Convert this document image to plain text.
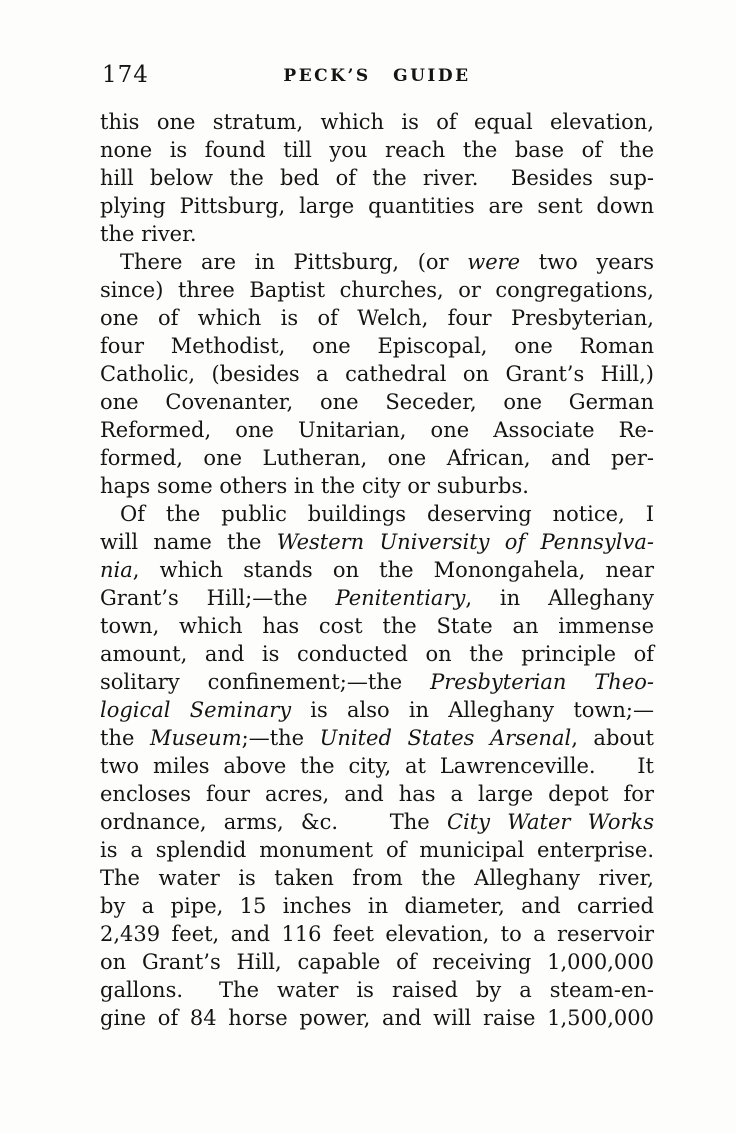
174	PECK’S GUIDE
this one stratum, which is of equal elevation,
none is found till you reach the base of the
hill below the bed of the river.  Besides sup-
plying Pittsburg, large quantities are sent down
the river.
There are in Pittsburg, (or were two years
since) three Baptist churches, or congregations,
one of which is of Welch, four Presbyterian,
four Methodist, one Episcopal, one Roman
Catholic, (besides a cathedral on Grant’s Hill,)
one Covenanter, one Seceder, one German
Reformed, one Unitarian, one Associate Re-
formed, one Lutheran, one African, and per-
haps some others in the city or suburbs.
Of the public buildings deserving notice, I
will name the Western University of Pennsylva-
nia, which stands on the Monongahela, near
Grant’s Hill;—the Penitentiary, in Alleghany
town, which has cost the State an immense
amount, and is conducted on the principle of
solitary confinement;—the Presbyterian Theo-
logical Seminary is also in Alleghany town;—
the Museum;—the United States Arsenal, about
two miles above the city, at Lawrenceville.   It
encloses four acres, and has a large depot for
ordnance, arms, &c.   The City Water Works
is a splendid monument of municipal enterprise.
The water is taken from the Alleghany river,
by a pipe, 15 inches in diameter, and carried
2,439 feet, and 116 feet elevation, to a reservoir
on Grant’s Hill, capable of receiving 1,000,000
gallons.  The water is raised by a steam-en-
gine of 84 horse power, and will raise 1,500,000
